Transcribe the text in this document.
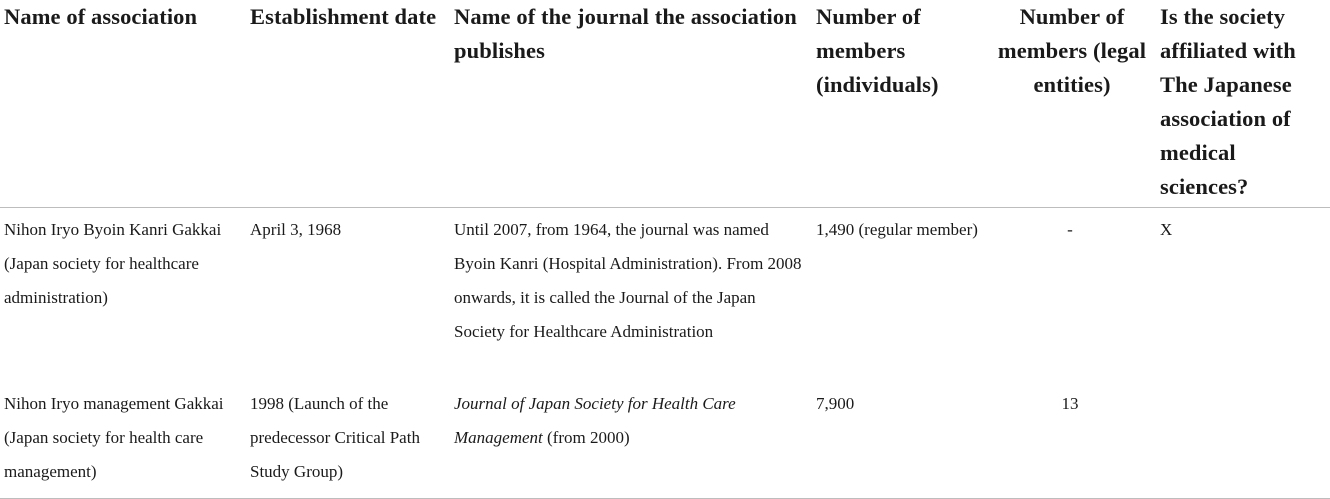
Name of association	Establishment date	Name of the journal the association publishes	Number of members (individuals)	Number of members (legal entities)	Is the society affiliated with The Japanese association of medical sciences?
Nihon Iryo Byoin Kanri Gakkai (Japan society for healthcare administration)	April 3, 1968	Until 2007, from 1964, the journal was named Byoin Kanri (Hospital Administration). From 2008 onwards, it is called the Journal of the Japan Society for Healthcare Administration	1,490 (regular member)	-	X
Nihon Iryo management Gakkai (Japan society for health care management)	1998 (Launch of the predecessor Critical Path Study Group)	Journal of Japan Society for Health Care Management (from 2000)	7,900	13	
